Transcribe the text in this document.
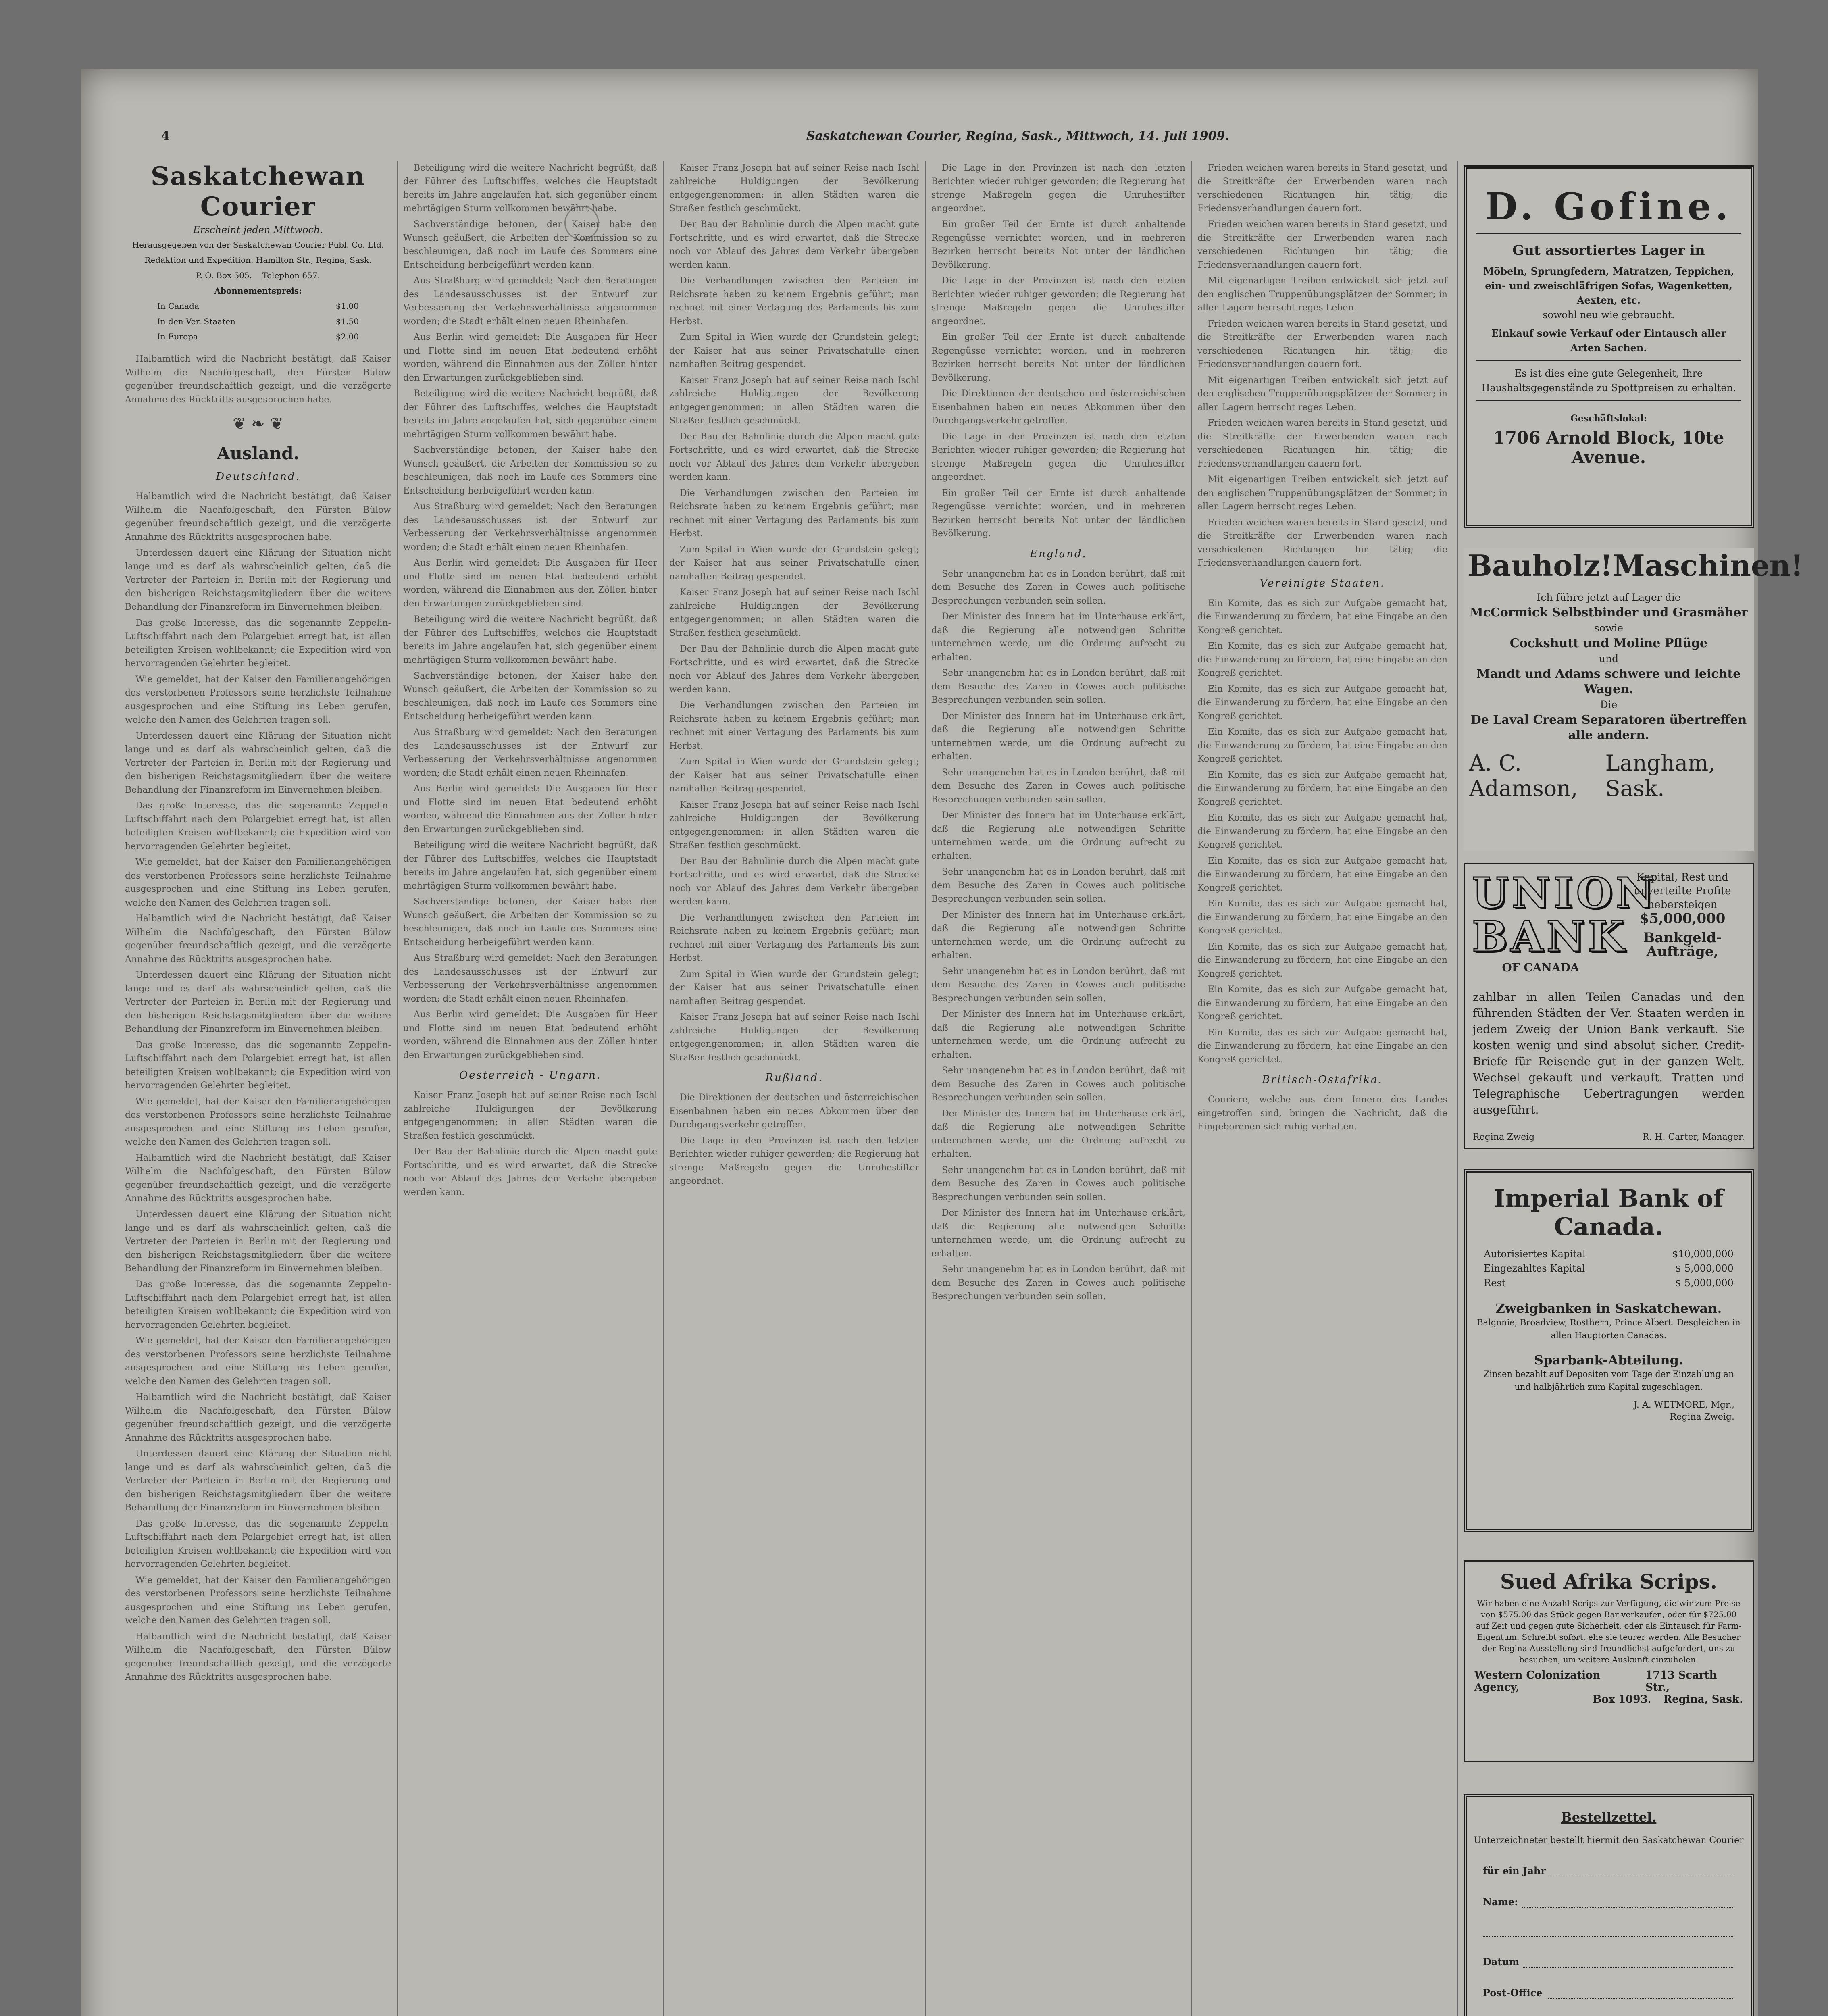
4	Saskatchewan Courier, Regina, Sask., Mittwoch, 14. Juli 1909.
Saskatchewan Courier
Erscheint jeden Mittwoch.
Herausgegeben von der Saskatchewan Courier Publ. Co. Ltd.
Redaktion und Expedition: Hamilton Str., Regina, Sask.
P. O. Box 505. Telephon 657.
Abonnementspreis:
In Canada	$1.00
In den Ver. Staaten	$1.50
In Europa	$2.00

Halbamtlich wird die Nachricht bestätigt, daß Kaiser Wilhelm die Nachfolgeschaft, den Fürsten Bülow gegenüber freundschaftlich gezeigt, und die verzögerte Annahme des Rücktritts ausgesprochen habe.

❦ ❧ ❦
Ausland.
Deutschland.

Halbamtlich wird die Nachricht bestätigt, daß Kaiser Wilhelm die Nachfolgeschaft, den Fürsten Bülow gegenüber freundschaftlich gezeigt, und die verzögerte Annahme des Rücktritts ausgesprochen habe.

Unterdessen dauert eine Klärung der Situation nicht lange und es darf als wahrscheinlich gelten, daß die Vertreter der Parteien in Berlin mit der Regierung und den bisherigen Reichstagsmitgliedern über die weitere Behandlung der Finanzreform im Einvernehmen bleiben.

Das große Interesse, das die sogenannte Zeppelin-Luftschiffahrt nach dem Polargebiet erregt hat, ist allen beteiligten Kreisen wohlbekannt; die Expedition wird von hervorragenden Gelehrten begleitet.

Wie gemeldet, hat der Kaiser den Familienangehörigen des verstorbenen Professors seine herzlichste Teilnahme ausgesprochen und eine Stiftung ins Leben gerufen, welche den Namen des Gelehrten tragen soll.

Unterdessen dauert eine Klärung der Situation nicht lange und es darf als wahrscheinlich gelten, daß die Vertreter der Parteien in Berlin mit der Regierung und den bisherigen Reichstagsmitgliedern über die weitere Behandlung der Finanzreform im Einvernehmen bleiben.

Das große Interesse, das die sogenannte Zeppelin-Luftschiffahrt nach dem Polargebiet erregt hat, ist allen beteiligten Kreisen wohlbekannt; die Expedition wird von hervorragenden Gelehrten begleitet.

Wie gemeldet, hat der Kaiser den Familienangehörigen des verstorbenen Professors seine herzlichste Teilnahme ausgesprochen und eine Stiftung ins Leben gerufen, welche den Namen des Gelehrten tragen soll.

Halbamtlich wird die Nachricht bestätigt, daß Kaiser Wilhelm die Nachfolgeschaft, den Fürsten Bülow gegenüber freundschaftlich gezeigt, und die verzögerte Annahme des Rücktritts ausgesprochen habe.

Unterdessen dauert eine Klärung der Situation nicht lange und es darf als wahrscheinlich gelten, daß die Vertreter der Parteien in Berlin mit der Regierung und den bisherigen Reichstagsmitgliedern über die weitere Behandlung der Finanzreform im Einvernehmen bleiben.

Das große Interesse, das die sogenannte Zeppelin-Luftschiffahrt nach dem Polargebiet erregt hat, ist allen beteiligten Kreisen wohlbekannt; die Expedition wird von hervorragenden Gelehrten begleitet.

Wie gemeldet, hat der Kaiser den Familienangehörigen des verstorbenen Professors seine herzlichste Teilnahme ausgesprochen und eine Stiftung ins Leben gerufen, welche den Namen des Gelehrten tragen soll.

Halbamtlich wird die Nachricht bestätigt, daß Kaiser Wilhelm die Nachfolgeschaft, den Fürsten Bülow gegenüber freundschaftlich gezeigt, und die verzögerte Annahme des Rücktritts ausgesprochen habe.

Unterdessen dauert eine Klärung der Situation nicht lange und es darf als wahrscheinlich gelten, daß die Vertreter der Parteien in Berlin mit der Regierung und den bisherigen Reichstagsmitgliedern über die weitere Behandlung der Finanzreform im Einvernehmen bleiben.

Das große Interesse, das die sogenannte Zeppelin-Luftschiffahrt nach dem Polargebiet erregt hat, ist allen beteiligten Kreisen wohlbekannt; die Expedition wird von hervorragenden Gelehrten begleitet.

Wie gemeldet, hat der Kaiser den Familienangehörigen des verstorbenen Professors seine herzlichste Teilnahme ausgesprochen und eine Stiftung ins Leben gerufen, welche den Namen des Gelehrten tragen soll.

Halbamtlich wird die Nachricht bestätigt, daß Kaiser Wilhelm die Nachfolgeschaft, den Fürsten Bülow gegenüber freundschaftlich gezeigt, und die verzögerte Annahme des Rücktritts ausgesprochen habe.

Unterdessen dauert eine Klärung der Situation nicht lange und es darf als wahrscheinlich gelten, daß die Vertreter der Parteien in Berlin mit der Regierung und den bisherigen Reichstagsmitgliedern über die weitere Behandlung der Finanzreform im Einvernehmen bleiben.

Das große Interesse, das die sogenannte Zeppelin-Luftschiffahrt nach dem Polargebiet erregt hat, ist allen beteiligten Kreisen wohlbekannt; die Expedition wird von hervorragenden Gelehrten begleitet.

Wie gemeldet, hat der Kaiser den Familienangehörigen des verstorbenen Professors seine herzlichste Teilnahme ausgesprochen und eine Stiftung ins Leben gerufen, welche den Namen des Gelehrten tragen soll.

Halbamtlich wird die Nachricht bestätigt, daß Kaiser Wilhelm die Nachfolgeschaft, den Fürsten Bülow gegenüber freundschaftlich gezeigt, und die verzögerte Annahme des Rücktritts ausgesprochen habe.

Beteiligung wird die weitere Nachricht begrüßt, daß der Führer des Luftschiffes, welches die Hauptstadt bereits im Jahre angelaufen hat, sich gegenüber einem mehrtägigen Sturm vollkommen bewährt habe.

Sachverständige betonen, der Kaiser habe den Wunsch geäußert, die Arbeiten der Kommission so zu beschleunigen, daß noch im Laufe des Sommers eine Entscheidung herbeigeführt werden kann.

Aus Straßburg wird gemeldet: Nach den Beratungen des Landesausschusses ist der Entwurf zur Verbesserung der Verkehrsverhältnisse angenommen worden; die Stadt erhält einen neuen Rheinhafen.

Aus Berlin wird gemeldet: Die Ausgaben für Heer und Flotte sind im neuen Etat bedeutend erhöht worden, während die Einnahmen aus den Zöllen hinter den Erwartungen zurückgeblieben sind.

Beteiligung wird die weitere Nachricht begrüßt, daß der Führer des Luftschiffes, welches die Hauptstadt bereits im Jahre angelaufen hat, sich gegenüber einem mehrtägigen Sturm vollkommen bewährt habe.

Sachverständige betonen, der Kaiser habe den Wunsch geäußert, die Arbeiten der Kommission so zu beschleunigen, daß noch im Laufe des Sommers eine Entscheidung herbeigeführt werden kann.

Aus Straßburg wird gemeldet: Nach den Beratungen des Landesausschusses ist der Entwurf zur Verbesserung der Verkehrsverhältnisse angenommen worden; die Stadt erhält einen neuen Rheinhafen.

Aus Berlin wird gemeldet: Die Ausgaben für Heer und Flotte sind im neuen Etat bedeutend erhöht worden, während die Einnahmen aus den Zöllen hinter den Erwartungen zurückgeblieben sind.

Beteiligung wird die weitere Nachricht begrüßt, daß der Führer des Luftschiffes, welches die Hauptstadt bereits im Jahre angelaufen hat, sich gegenüber einem mehrtägigen Sturm vollkommen bewährt habe.

Sachverständige betonen, der Kaiser habe den Wunsch geäußert, die Arbeiten der Kommission so zu beschleunigen, daß noch im Laufe des Sommers eine Entscheidung herbeigeführt werden kann.

Aus Straßburg wird gemeldet: Nach den Beratungen des Landesausschusses ist der Entwurf zur Verbesserung der Verkehrsverhältnisse angenommen worden; die Stadt erhält einen neuen Rheinhafen.

Aus Berlin wird gemeldet: Die Ausgaben für Heer und Flotte sind im neuen Etat bedeutend erhöht worden, während die Einnahmen aus den Zöllen hinter den Erwartungen zurückgeblieben sind.

Beteiligung wird die weitere Nachricht begrüßt, daß der Führer des Luftschiffes, welches die Hauptstadt bereits im Jahre angelaufen hat, sich gegenüber einem mehrtägigen Sturm vollkommen bewährt habe.

Sachverständige betonen, der Kaiser habe den Wunsch geäußert, die Arbeiten der Kommission so zu beschleunigen, daß noch im Laufe des Sommers eine Entscheidung herbeigeführt werden kann.

Aus Straßburg wird gemeldet: Nach den Beratungen des Landesausschusses ist der Entwurf zur Verbesserung der Verkehrsverhältnisse angenommen worden; die Stadt erhält einen neuen Rheinhafen.

Aus Berlin wird gemeldet: Die Ausgaben für Heer und Flotte sind im neuen Etat bedeutend erhöht worden, während die Einnahmen aus den Zöllen hinter den Erwartungen zurückgeblieben sind.

Oesterreich - Ungarn.

Kaiser Franz Joseph hat auf seiner Reise nach Ischl zahlreiche Huldigungen der Bevölkerung entgegengenommen; in allen Städten waren die Straßen festlich geschmückt.

Der Bau der Bahnlinie durch die Alpen macht gute Fortschritte, und es wird erwartet, daß die Strecke noch vor Ablauf des Jahres dem Verkehr übergeben werden kann.

Kaiser Franz Joseph hat auf seiner Reise nach Ischl zahlreiche Huldigungen der Bevölkerung entgegengenommen; in allen Städten waren die Straßen festlich geschmückt.

Der Bau der Bahnlinie durch die Alpen macht gute Fortschritte, und es wird erwartet, daß die Strecke noch vor Ablauf des Jahres dem Verkehr übergeben werden kann.

Die Verhandlungen zwischen den Parteien im Reichsrate haben zu keinem Ergebnis geführt; man rechnet mit einer Vertagung des Parlaments bis zum Herbst.

Zum Spital in Wien wurde der Grundstein gelegt; der Kaiser hat aus seiner Privatschatulle einen namhaften Beitrag gespendet.

Kaiser Franz Joseph hat auf seiner Reise nach Ischl zahlreiche Huldigungen der Bevölkerung entgegengenommen; in allen Städten waren die Straßen festlich geschmückt.

Der Bau der Bahnlinie durch die Alpen macht gute Fortschritte, und es wird erwartet, daß die Strecke noch vor Ablauf des Jahres dem Verkehr übergeben werden kann.

Die Verhandlungen zwischen den Parteien im Reichsrate haben zu keinem Ergebnis geführt; man rechnet mit einer Vertagung des Parlaments bis zum Herbst.

Zum Spital in Wien wurde der Grundstein gelegt; der Kaiser hat aus seiner Privatschatulle einen namhaften Beitrag gespendet.

Kaiser Franz Joseph hat auf seiner Reise nach Ischl zahlreiche Huldigungen der Bevölkerung entgegengenommen; in allen Städten waren die Straßen festlich geschmückt.

Der Bau der Bahnlinie durch die Alpen macht gute Fortschritte, und es wird erwartet, daß die Strecke noch vor Ablauf des Jahres dem Verkehr übergeben werden kann.

Die Verhandlungen zwischen den Parteien im Reichsrate haben zu keinem Ergebnis geführt; man rechnet mit einer Vertagung des Parlaments bis zum Herbst.

Zum Spital in Wien wurde der Grundstein gelegt; der Kaiser hat aus seiner Privatschatulle einen namhaften Beitrag gespendet.

Kaiser Franz Joseph hat auf seiner Reise nach Ischl zahlreiche Huldigungen der Bevölkerung entgegengenommen; in allen Städten waren die Straßen festlich geschmückt.

Der Bau der Bahnlinie durch die Alpen macht gute Fortschritte, und es wird erwartet, daß die Strecke noch vor Ablauf des Jahres dem Verkehr übergeben werden kann.

Die Verhandlungen zwischen den Parteien im Reichsrate haben zu keinem Ergebnis geführt; man rechnet mit einer Vertagung des Parlaments bis zum Herbst.

Zum Spital in Wien wurde der Grundstein gelegt; der Kaiser hat aus seiner Privatschatulle einen namhaften Beitrag gespendet.

Kaiser Franz Joseph hat auf seiner Reise nach Ischl zahlreiche Huldigungen der Bevölkerung entgegengenommen; in allen Städten waren die Straßen festlich geschmückt.

Rußland.

Die Direktionen der deutschen und österreichischen Eisenbahnen haben ein neues Abkommen über den Durchgangsverkehr getroffen.

Die Lage in den Provinzen ist nach den letzten Berichten wieder ruhiger geworden; die Regierung hat strenge Maßregeln gegen die Unruhestifter angeordnet.

Die Lage in den Provinzen ist nach den letzten Berichten wieder ruhiger geworden; die Regierung hat strenge Maßregeln gegen die Unruhestifter angeordnet.

Ein großer Teil der Ernte ist durch anhaltende Regengüsse vernichtet worden, und in mehreren Bezirken herrscht bereits Not unter der ländlichen Bevölkerung.

Die Lage in den Provinzen ist nach den letzten Berichten wieder ruhiger geworden; die Regierung hat strenge Maßregeln gegen die Unruhestifter angeordnet.

Ein großer Teil der Ernte ist durch anhaltende Regengüsse vernichtet worden, und in mehreren Bezirken herrscht bereits Not unter der ländlichen Bevölkerung.

Die Direktionen der deutschen und österreichischen Eisenbahnen haben ein neues Abkommen über den Durchgangsverkehr getroffen.

Die Lage in den Provinzen ist nach den letzten Berichten wieder ruhiger geworden; die Regierung hat strenge Maßregeln gegen die Unruhestifter angeordnet.

Ein großer Teil der Ernte ist durch anhaltende Regengüsse vernichtet worden, und in mehreren Bezirken herrscht bereits Not unter der ländlichen Bevölkerung.

England.

Sehr unangenehm hat es in London berührt, daß mit dem Besuche des Zaren in Cowes auch politische Besprechungen verbunden sein sollen.

Der Minister des Innern hat im Unterhause erklärt, daß die Regierung alle notwendigen Schritte unternehmen werde, um die Ordnung aufrecht zu erhalten.

Sehr unangenehm hat es in London berührt, daß mit dem Besuche des Zaren in Cowes auch politische Besprechungen verbunden sein sollen.

Der Minister des Innern hat im Unterhause erklärt, daß die Regierung alle notwendigen Schritte unternehmen werde, um die Ordnung aufrecht zu erhalten.

Sehr unangenehm hat es in London berührt, daß mit dem Besuche des Zaren in Cowes auch politische Besprechungen verbunden sein sollen.

Der Minister des Innern hat im Unterhause erklärt, daß die Regierung alle notwendigen Schritte unternehmen werde, um die Ordnung aufrecht zu erhalten.

Sehr unangenehm hat es in London berührt, daß mit dem Besuche des Zaren in Cowes auch politische Besprechungen verbunden sein sollen.

Der Minister des Innern hat im Unterhause erklärt, daß die Regierung alle notwendigen Schritte unternehmen werde, um die Ordnung aufrecht zu erhalten.

Sehr unangenehm hat es in London berührt, daß mit dem Besuche des Zaren in Cowes auch politische Besprechungen verbunden sein sollen.

Der Minister des Innern hat im Unterhause erklärt, daß die Regierung alle notwendigen Schritte unternehmen werde, um die Ordnung aufrecht zu erhalten.

Sehr unangenehm hat es in London berührt, daß mit dem Besuche des Zaren in Cowes auch politische Besprechungen verbunden sein sollen.

Der Minister des Innern hat im Unterhause erklärt, daß die Regierung alle notwendigen Schritte unternehmen werde, um die Ordnung aufrecht zu erhalten.

Sehr unangenehm hat es in London berührt, daß mit dem Besuche des Zaren in Cowes auch politische Besprechungen verbunden sein sollen.

Der Minister des Innern hat im Unterhause erklärt, daß die Regierung alle notwendigen Schritte unternehmen werde, um die Ordnung aufrecht zu erhalten.

Sehr unangenehm hat es in London berührt, daß mit dem Besuche des Zaren in Cowes auch politische Besprechungen verbunden sein sollen.

Frieden weichen waren bereits in Stand gesetzt, und die Streitkräfte der Erwerbenden waren nach verschiedenen Richtungen hin tätig; die Friedensverhandlungen dauern fort.

Frieden weichen waren bereits in Stand gesetzt, und die Streitkräfte der Erwerbenden waren nach verschiedenen Richtungen hin tätig; die Friedensverhandlungen dauern fort.

Mit eigenartigen Treiben entwickelt sich jetzt auf den englischen Truppenübungsplätzen der Sommer; in allen Lagern herrscht reges Leben.

Frieden weichen waren bereits in Stand gesetzt, und die Streitkräfte der Erwerbenden waren nach verschiedenen Richtungen hin tätig; die Friedensverhandlungen dauern fort.

Mit eigenartigen Treiben entwickelt sich jetzt auf den englischen Truppenübungsplätzen der Sommer; in allen Lagern herrscht reges Leben.

Frieden weichen waren bereits in Stand gesetzt, und die Streitkräfte der Erwerbenden waren nach verschiedenen Richtungen hin tätig; die Friedensverhandlungen dauern fort.

Mit eigenartigen Treiben entwickelt sich jetzt auf den englischen Truppenübungsplätzen der Sommer; in allen Lagern herrscht reges Leben.

Frieden weichen waren bereits in Stand gesetzt, und die Streitkräfte der Erwerbenden waren nach verschiedenen Richtungen hin tätig; die Friedensverhandlungen dauern fort.

Vereinigte Staaten.

Ein Komite, das es sich zur Aufgabe gemacht hat, die Einwanderung zu fördern, hat eine Eingabe an den Kongreß gerichtet.

Ein Komite, das es sich zur Aufgabe gemacht hat, die Einwanderung zu fördern, hat eine Eingabe an den Kongreß gerichtet.

Ein Komite, das es sich zur Aufgabe gemacht hat, die Einwanderung zu fördern, hat eine Eingabe an den Kongreß gerichtet.

Ein Komite, das es sich zur Aufgabe gemacht hat, die Einwanderung zu fördern, hat eine Eingabe an den Kongreß gerichtet.

Ein Komite, das es sich zur Aufgabe gemacht hat, die Einwanderung zu fördern, hat eine Eingabe an den Kongreß gerichtet.

Ein Komite, das es sich zur Aufgabe gemacht hat, die Einwanderung zu fördern, hat eine Eingabe an den Kongreß gerichtet.

Ein Komite, das es sich zur Aufgabe gemacht hat, die Einwanderung zu fördern, hat eine Eingabe an den Kongreß gerichtet.

Ein Komite, das es sich zur Aufgabe gemacht hat, die Einwanderung zu fördern, hat eine Eingabe an den Kongreß gerichtet.

Ein Komite, das es sich zur Aufgabe gemacht hat, die Einwanderung zu fördern, hat eine Eingabe an den Kongreß gerichtet.

Ein Komite, das es sich zur Aufgabe gemacht hat, die Einwanderung zu fördern, hat eine Eingabe an den Kongreß gerichtet.

Ein Komite, das es sich zur Aufgabe gemacht hat, die Einwanderung zu fördern, hat eine Eingabe an den Kongreß gerichtet.

Britisch-Ostafrika.

Couriere, welche aus dem Innern des Landes eingetroffen sind, bringen die Nachricht, daß die Eingeborenen sich ruhig verhalten.

D. Gofine.
Gut assortiertes Lager in
Möbeln, Sprungfedern, Matratzen, Teppichen, ein- und zweischläfrigen Sofas, Wagenketten, Aexten, etc.
sowohl neu wie gebraucht.
Einkauf sowie Verkauf oder Eintausch aller Arten Sachen.
Es ist dies eine gute Gelegenheit, Ihre Haushaltsgegenstände zu Spottpreisen zu erhalten.
Geschäftslokal:
1706 Arnold Block, 10te Avenue.
Bauholz! Maschinen!
Ich führe jetzt auf Lager die
McCormick Selbstbinder und Grasmäher
sowie
Cockshutt und Moline Pflüge
und
Mandt und Adams schwere und leichte Wagen.
Die
De Laval Cream Separatoren übertreffen alle andern.
A. C. Adamson,
Langham, Sask.
UNION
BANK
OF CANADA
Kapital, Rest und unverteilte Profite nebersteigen
$5,000,000
Bankgeld-Aufträge,
zahlbar in allen Teilen Canadas und den führenden Städten der Ver. Staaten werden in jedem Zweig der Union Bank verkauft. Sie kosten wenig und sind absolut sicher. Credit-Briefe für Reisende gut in der ganzen Welt. Wechsel gekauft und verkauft. Tratten und Telegraphische Uebertragungen werden ausgeführt.
Regina Zweig	R. H. Carter, Manager.
Imperial Bank of Canada.
Autorisiertes Kapital	$10,000,000
Eingezahltes Kapital	$ 5,000,000
Rest	$ 5,000,000
Zweigbanken in Saskatchewan.
Balgonie, Broadview, Rosthern, Prince Albert. Desgleichen in allen Hauptorten Canadas.
Sparbank-Abteilung.
Zinsen bezahlt auf Depositen vom Tage der Einzahlung an und halbjährlich zum Kapital zugeschlagen.
J. A. WETMORE, Mgr.,
Regina Zweig.
Sued Afrika Scrips.
Wir haben eine Anzahl Scrips zur Verfügung, die wir zum Preise von $575.00 das Stück gegen Bar verkaufen, oder für $725.00 auf Zeit und gegen gute Sicherheit, oder als Eintausch für Farm-Eigentum. Schreibt sofort, ehe sie teurer werden. Alle Besucher der Regina Ausstellung sind freundlichst aufgefordert, uns zu besuchen, um weitere Auskunft einzuholen.
Western Colonization Agency,
1713 Scarth Str.,
Box 1093. Regina, Sask.
Bestellzettel.
Unterzeichneter bestellt hiermit den Saskatchewan Courier
für ein Jahr
Name:
Datum
Post-Office
